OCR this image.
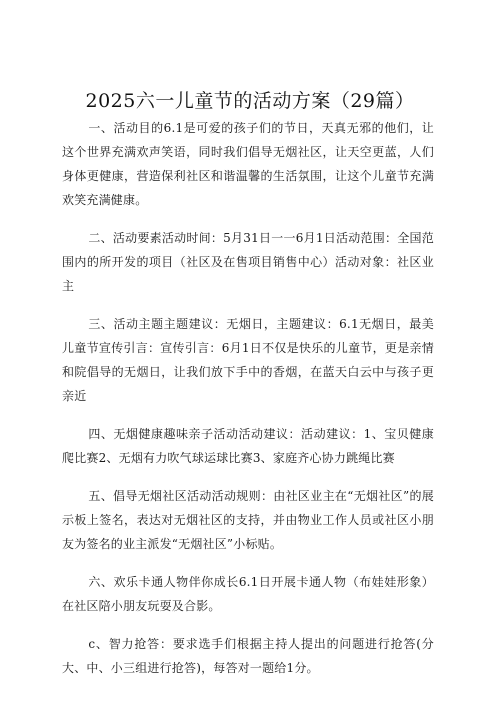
2025六一儿童节的活动方案（29篇）

一、活动目的6.1是可爱的孩子们的节日，天真无邪的他们，让这个世界充满欢声笑语，同时我们倡导无烟社区，让天空更蓝，人们身体更健康，营造保利社区和谐温馨的生活氛围，让这个儿童节充满欢笑充满健康。

二、活动要素活动时间：5月31日一一6月1日活动范围：全国范围内的所开发的项目（社区及在售项目销售中心）活动对象：社区业主

三、活动主题主题建议：无烟日，主题建议：6.1无烟日，最美儿童节宣传引言：宣传引言：6月1日不仅是快乐的儿童节，更是亲情和院倡导的无烟日，让我们放下手中的香烟，在蓝天白云中与孩子更亲近

四、无烟健康趣味亲子活动活动建议：活动建议：1、宝贝健康爬比赛2、无烟有力吹气球运球比赛3、家庭齐心协力跳绳比赛

五、倡导无烟社区活动活动规则：由社区业主在“无烟社区”的展示板上签名，表达对无烟社区的支持，并由物业工作人员或社区小朋友为签名的业主派发“无烟社区”小标贴。

六、欢乐卡通人物伴你成长6.1日开展卡通人物（布娃娃形象）在社区陪小朋友玩耍及合影。

c、智力抢答：要求选手们根据主持人提出的问题进行抢答(分大、中、小三组进行抢答)，每答对一题给1分。
